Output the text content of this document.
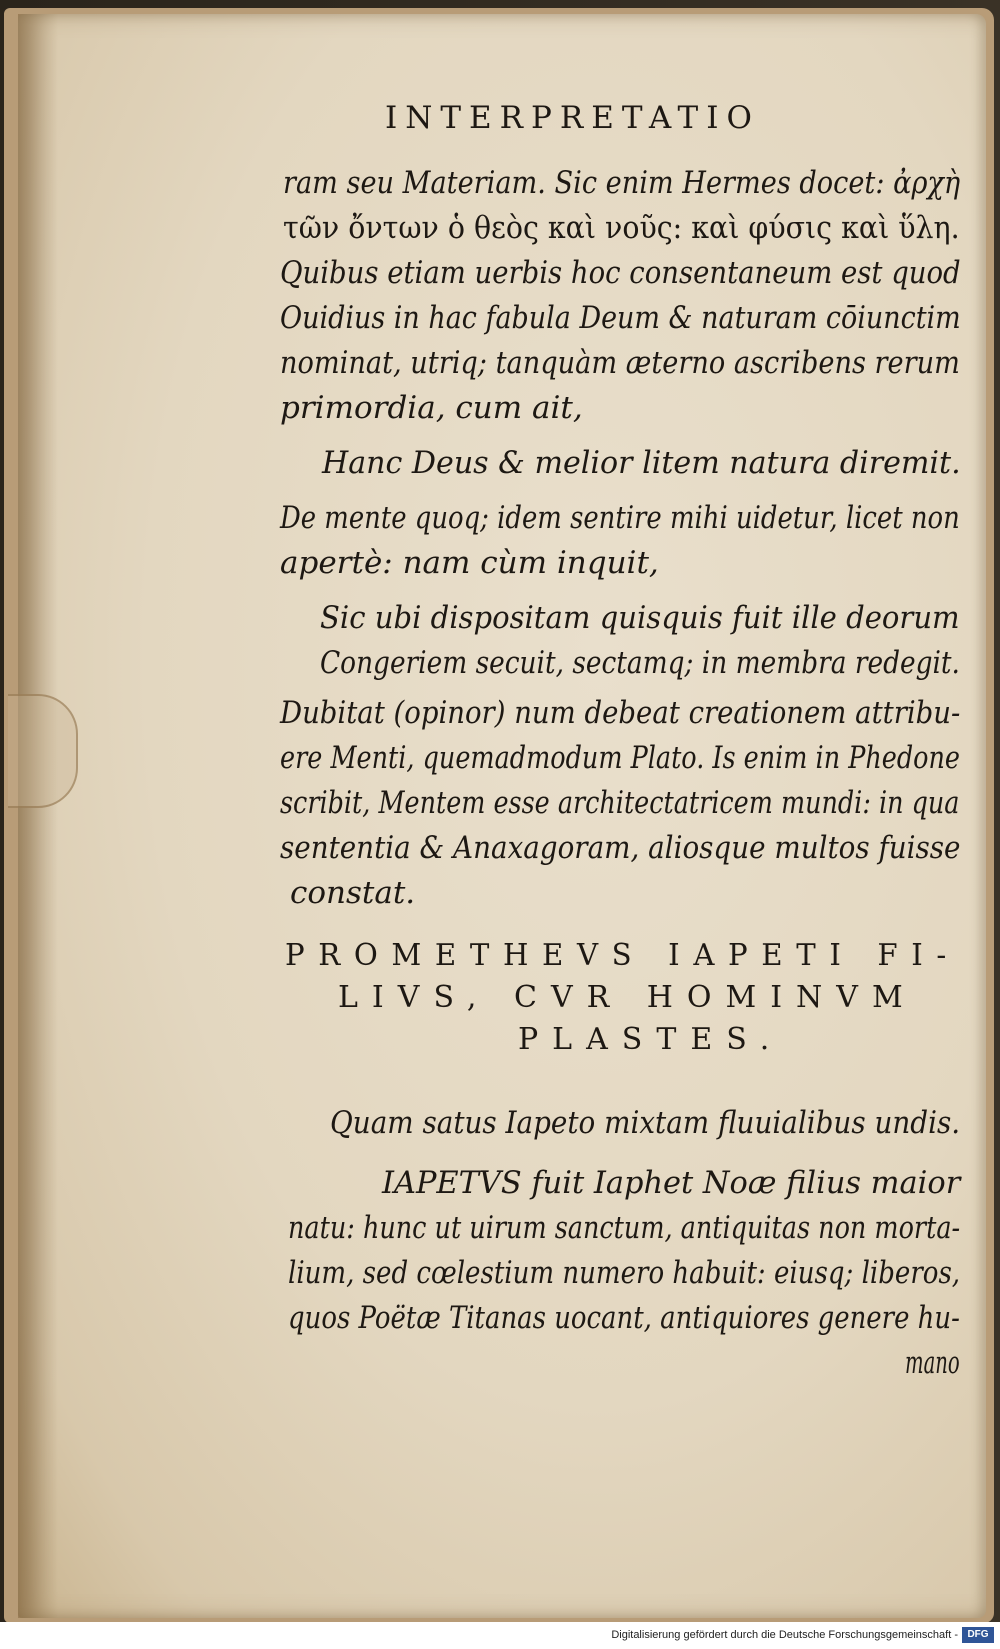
INTERPRETATIO
ram seu Materiam. Sic enim Hermes docet: ἀρχὴ
τῶν ὄντων ὁ θεὸς καὶ νοῦς: καὶ φύσις καὶ ὕλη.
Quibus etiam uerbis hoc consentaneum est quod
Ouidius in hac fabula Deum & naturam cōiunctim
nominat, utriq; tanquàm æterno ascribens rerum
primordia, cum ait,
Hanc Deus & melior litem natura diremit.
De mente quoq; idem sentire mihi uidetur, licet non
apertè: nam cùm inquit,
Sic ubi dispositam quisquis fuit ille deorum
Congeriem secuit, sectamq; in membra redegit.
Dubitat (opinor) num debeat creationem attribu-
ere Menti, quemadmodum Plato. Is enim in Phedone
scribit, Mentem esse architectatricem mundi: in qua
sententia & Anaxagoram, aliosque multos fuisse
constat.
PROMETHEVS IAPETI FI-
LIVS, CVR HOMINVM
PLASTES.
Quam satus Iapeto mixtam fluuialibus undis.
IAPETVS fuit Iaphet Noæ filius maior
natu: hunc ut uirum sanctum, antiquitas non morta-
lium, sed cœlestium numero habuit: eiusq; liberos,
quos Poëtæ Titanas uocant, antiquiores genere hu-
mano
Digitalisierung gefördert durch die Deutsche Forschungsgemeinschaft - DFG
